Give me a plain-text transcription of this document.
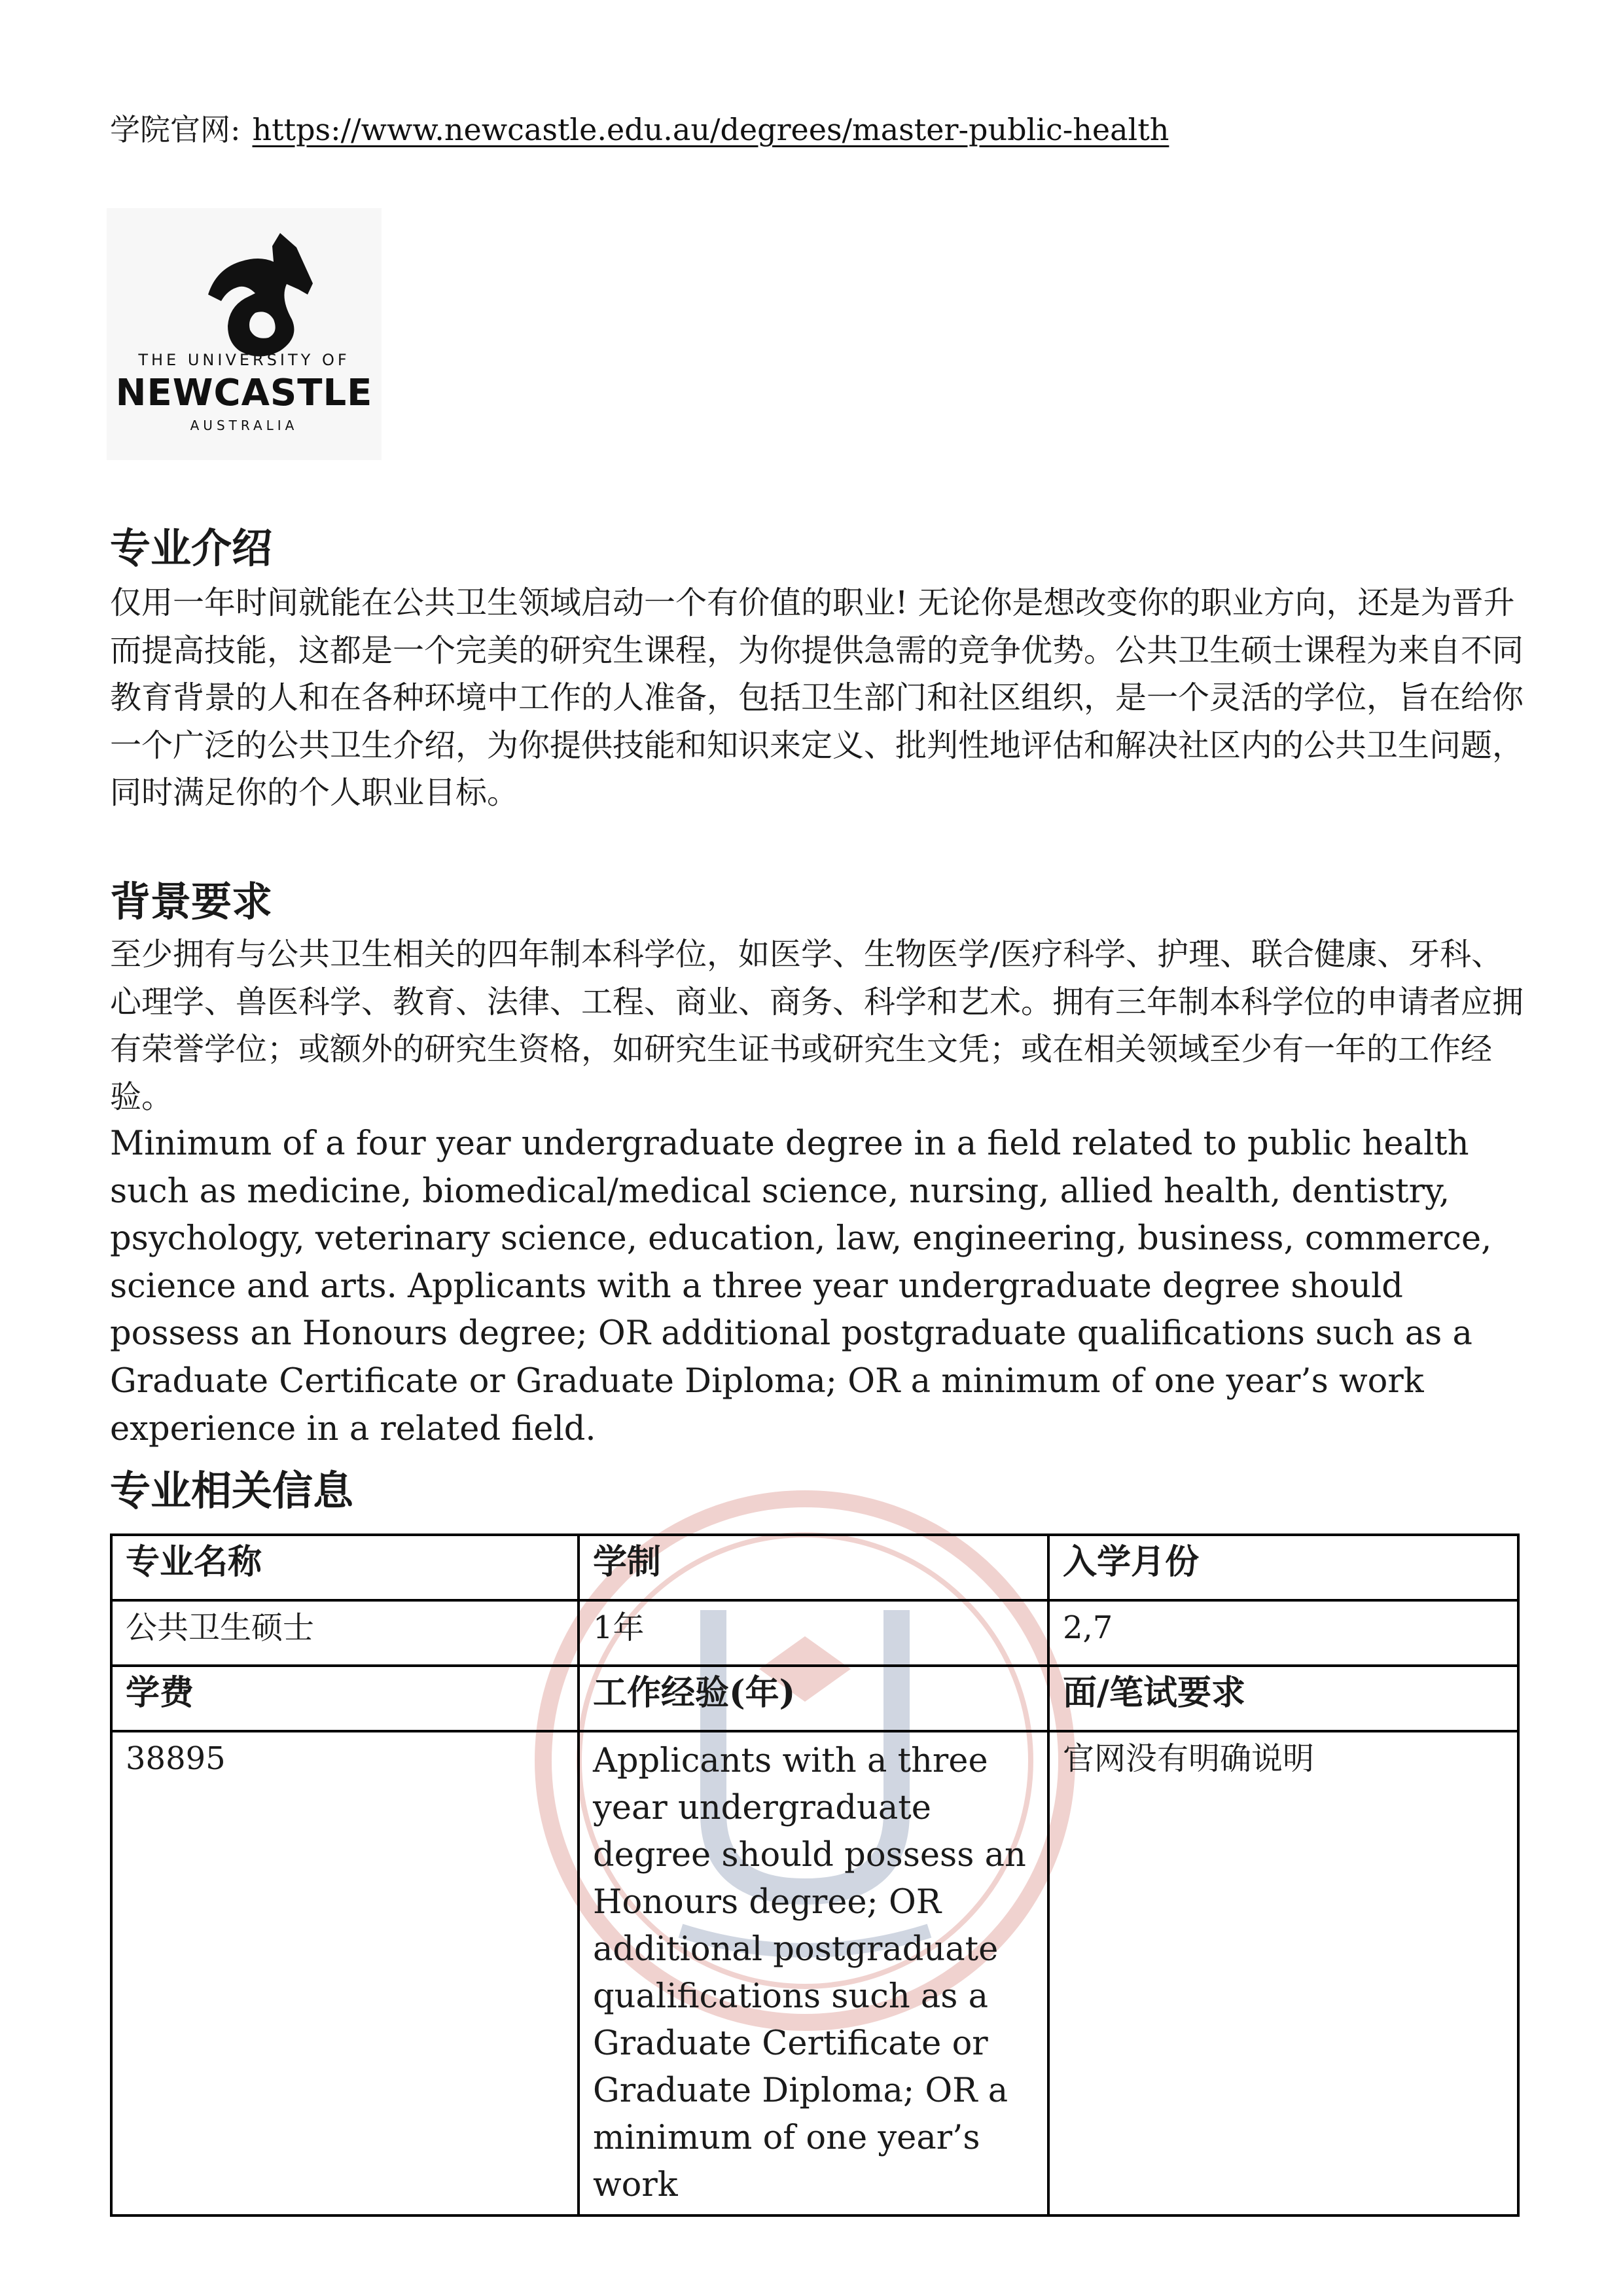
学院官网: https://www.newcastle.edu.au/degrees/master-public-health
THE UNIVERSITY OF
NEWCASTLE
AUSTRALIA
专业介绍
仅用一年时间就能在公共卫生领域启动一个有价值的职业! 无论你是想改变你的职业方向，还是为晋升而提高技能，这都是一个完美的研究生课程，为你提供急需的竞争优势。公共卫生硕士课程为来自不同教育背景的人和在各种环境中工作的人准备，包括卫生部门和社区组织，是一个灵活的学位，旨在给你一个广泛的公共卫生介绍，为你提供技能和知识来定义、批判性地评估和解决社区内的公共卫生问题，同时满足你的个人职业目标。
背景要求
至少拥有与公共卫生相关的四年制本科学位，如医学、生物医学/医疗科学、护理、联合健康、牙科、心理学、兽医科学、教育、法律、工程、商业、商务、科学和艺术。拥有三年制本科学位的申请者应拥有荣誉学位；或额外的研究生资格，如研究生证书或研究生文凭；或在相关领域至少有一年的工作经验。
Minimum of a four year undergraduate degree in a field related to public health such as medicine, biomedical/medical science, nursing, allied health, dentistry, psychology, veterinary science, education, law, engineering, business, commerce, science and arts. Applicants with a three year undergraduate degree should possess an Honours degree; OR additional postgraduate qualifications such as a Graduate Certificate or Graduate Diploma; OR a minimum of one year’s work experience in a related field.
专业相关信息
专业名称	学制	入学月份
公共卫生硕士	1年	2,7
学费	工作经验(年)	面/笔试要求
38895	Applicants with a three year undergraduate degree should possess an Honours degree; OR additional postgraduate qualifications such as a Graduate Certificate or Graduate Diploma; OR a minimum of one year’s work	官网没有明确说明
